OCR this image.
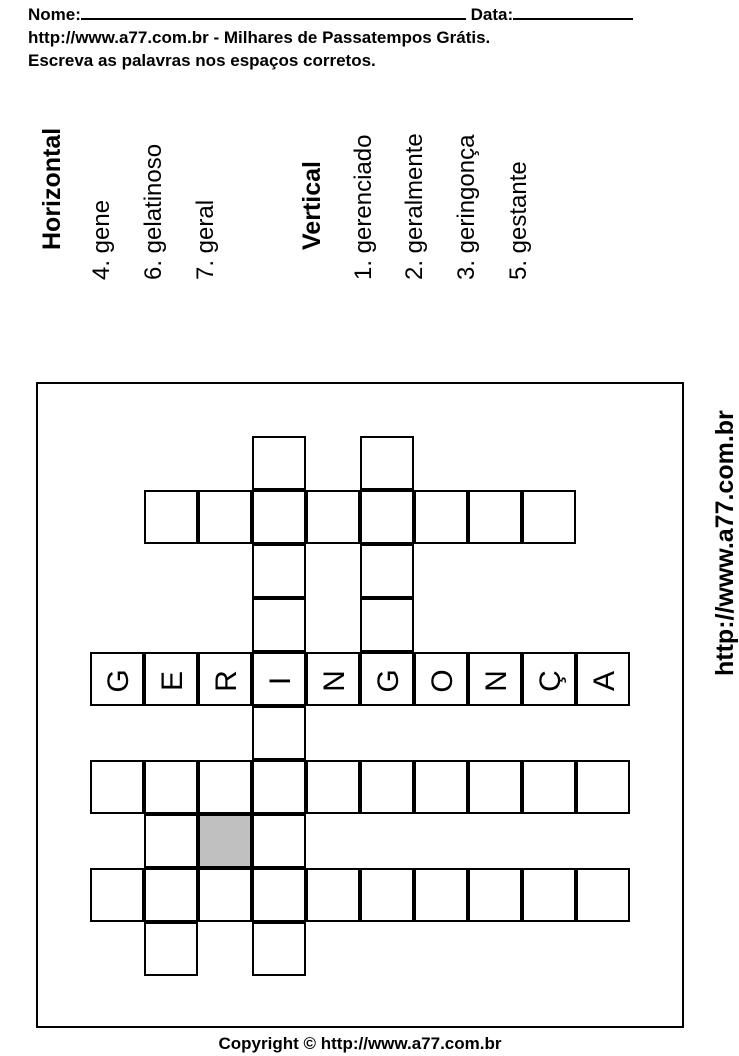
Nome:	Data:
http://www.a77.com.br - Milhares de Passatempos Grátis.
Escreva as palavras nos espaços corretos.
Horizontal 4. gene 6. gelatinoso 7. geral	Vertical 1. gerenciado 2. geralmente 3. geringonça 5. gestante
G E R I N G O N Ç A
http://www.a77.com.br
Copyright © http://www.a77.com.br
